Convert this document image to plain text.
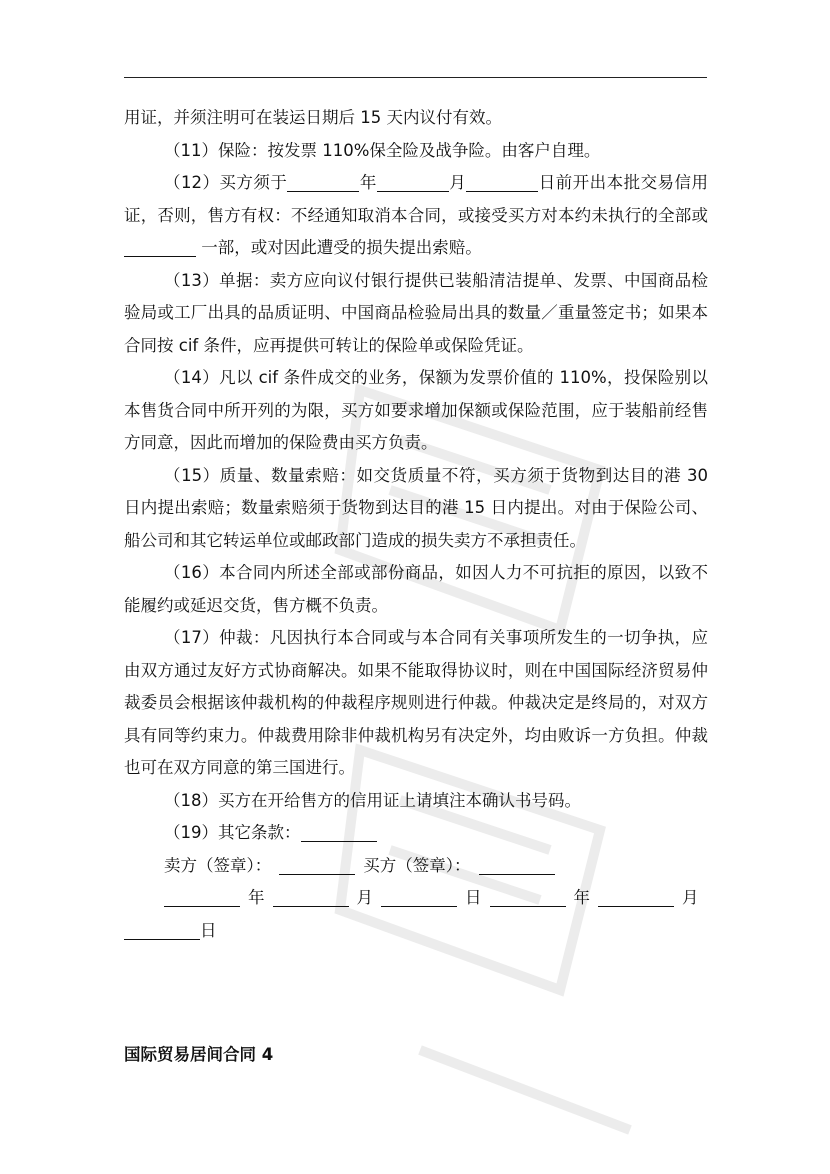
用证，并须注明可在装运日期后 15 天内议付有效。

（11）保险：按发票 110%保全险及战争险。由客户自理。

（12）买方须于	年	月	日前开出本批交易信用证，否则，售方有权：不经通知取消本合同，或接受买方对本约未执行的全部或 一部，或对因此遭受的损失提出索赔。

（13）单据：卖方应向议付银行提供已装船清洁提单、发票、中国商品检验局或工厂出具的品质证明、中国商品检验局出具的数量／重量签定书；如果本合同按 cif 条件，应再提供可转让的保险单或保险凭证。

（14）凡以 cif 条件成交的业务，保额为发票价值的 110%，投保险别以本售货合同中所开列的为限，买方如要求增加保额或保险范围，应于装船前经售方同意，因此而增加的保险费由买方负责。

（15）质量、数量索赔：如交货质量不符，买方须于货物到达目的港 30 日内提出索赔；数量索赔须于货物到达目的港 15 日内提出。对由于保险公司、船公司和其它转运单位或邮政部门造成的损失卖方不承担责任。

（16）本合同内所述全部或部份商品，如因人力不可抗拒的原因，以致不能履约或延迟交货，售方概不负责。

（17）仲裁：凡因执行本合同或与本合同有关事项所发生的一切争执，应由双方通过友好方式协商解决。如果不能取得协议时，则在中国国际经济贸易仲裁委员会根据该仲裁机构的仲裁程序规则进行仲裁。仲裁决定是终局的，对双方具有同等约束力。仲裁费用除非仲裁机构另有决定外，均由败诉一方负担。仲裁也可在双方同意的第三国进行。

（18）买方在开给售方的信用证上请填注本确认书号码。

（19）其它条款：

卖方（签章）：	买方（签章）：

年	月	日	年	月

日

国际贸易居间合同 4
